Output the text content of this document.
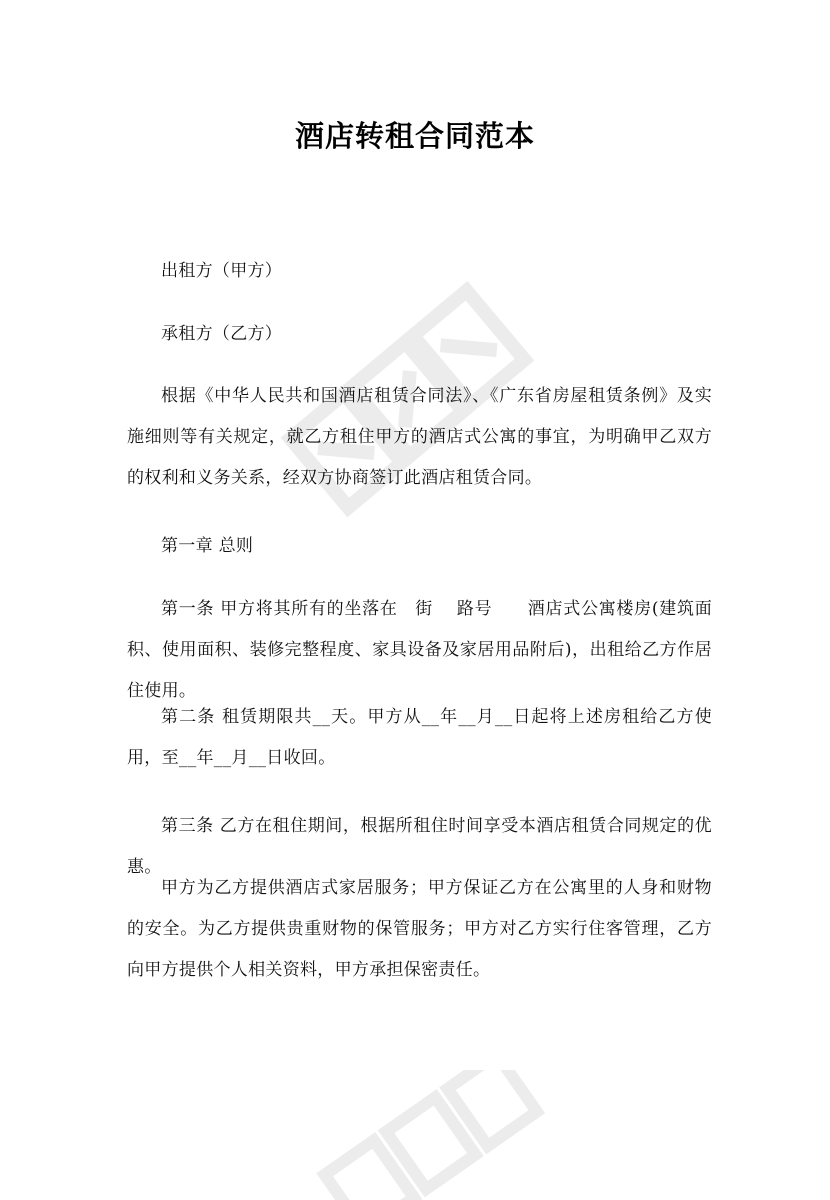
酒店转租合同范本

出租方（甲方）

承租方（乙方）

根据《中华人民共和国酒店租赁合同法》、《广东省房屋租赁条例》及实施细则等有关规定，就乙方租住甲方的酒店式公寓的事宜，为明确甲乙双方的权利和义务关系，经双方协商签订此酒店租赁合同。

第一章 总则

第一条 甲方将其所有的坐落在　街　 路号　　酒店式公寓楼房(建筑面积、使用面积、装修完整程度、家具设备及家居用品附后)，出租给乙方作居住使用。

第二条 租赁期限共__天。甲方从__年__月__日起将上述房租给乙方使用，至__年__月__日收回。

第三条 乙方在租住期间，根据所租住时间享受本酒店租赁合同规定的优惠。

甲方为乙方提供酒店式家居服务；甲方保证乙方在公寓里的人身和财物的安全。为乙方提供贵重财物的保管服务；甲方对乙方实行住客管理，乙方向甲方提供个人相关资料，甲方承担保密责任。
